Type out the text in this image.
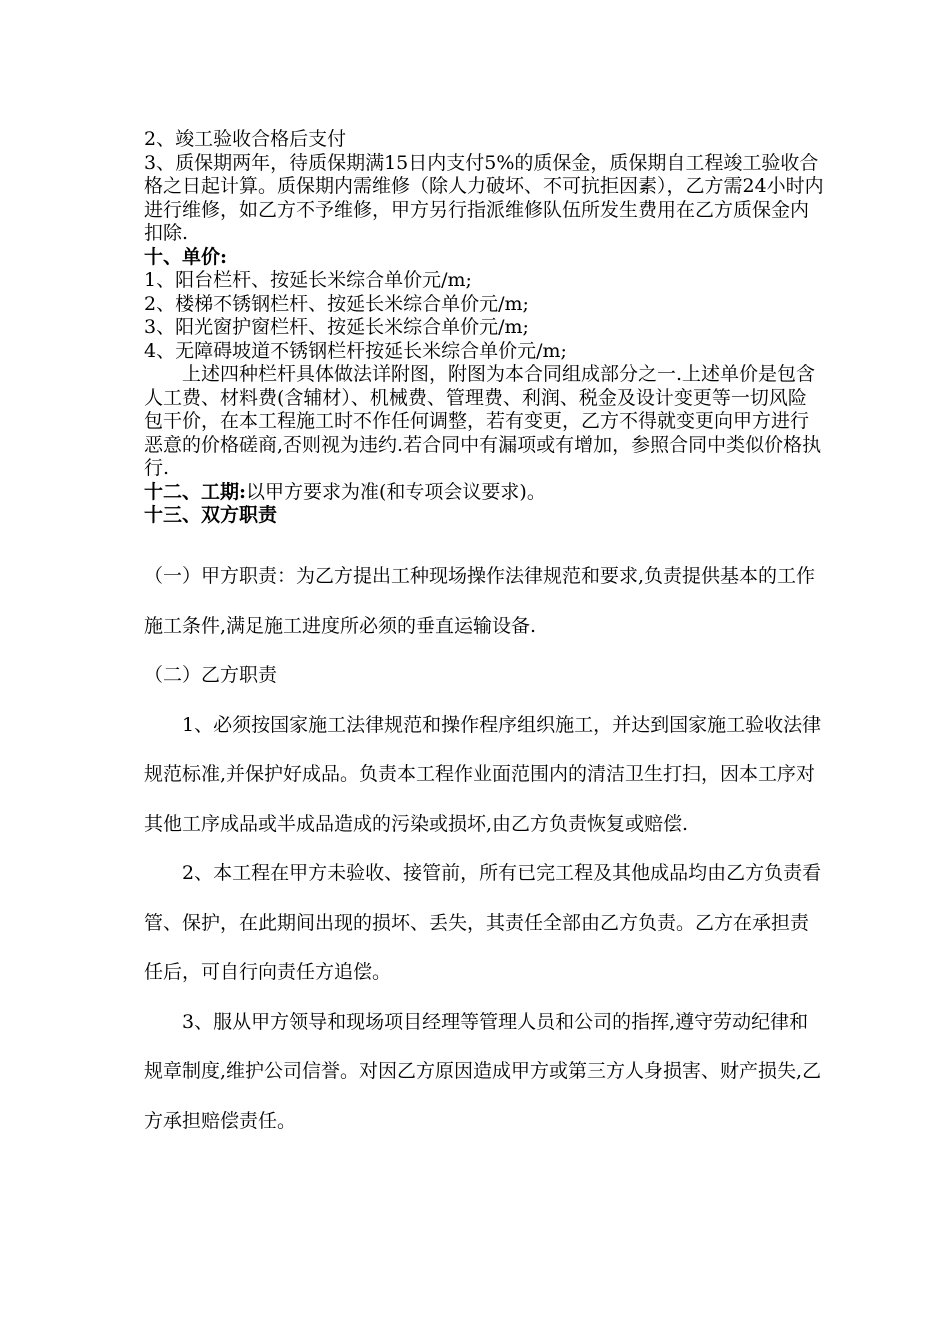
2、竣工验收合格后支付

3、质保期两年，待质保期满15日内支付5%的质保金，质保期自工程竣工验收合格之日起计算。质保期内需维修（除人力破坏、不可抗拒因素），乙方需24小时内进行维修，如乙方不予维修，甲方另行指派维修队伍所发生费用在乙方质保金内扣除.

十、单价:

1、阳台栏杆、按延长米综合单价元/m;

2、楼梯不锈钢栏杆、按延长米综合单价元/m;

3、阳光窗护窗栏杆、按延长米综合单价元/m;

4、无障碍坡道不锈钢栏杆按延长米综合单价元/m;

上述四种栏杆具体做法详附图，附图为本合同组成部分之一.上述单价是包含人工费、材料费(含辅材）、机械费、管理费、利润、税金及设计变更等一切风险包干价，在本工程施工时不作任何调整，若有变更，乙方不得就变更向甲方进行恶意的价格磋商,否则视为违约.若合同中有漏项或有增加，参照合同中类似价格执行.

十二、工期:以甲方要求为准(和专项会议要求)。

十三、双方职责

（一）甲方职责：为乙方提出工种现场操作法律规范和要求,负责提供基本的工作施工条件,满足施工进度所必须的垂直运输设备.

（二）乙方职责

1、必须按国家施工法律规范和操作程序组织施工，并达到国家施工验收法律规范标准,并保护好成品。负责本工程作业面范围内的清洁卫生打扫，因本工序对其他工序成品或半成品造成的污染或损坏,由乙方负责恢复或赔偿.

2、本工程在甲方未验收、接管前，所有已完工程及其他成品均由乙方负责看管、保护，在此期间出现的损坏、丢失，其责任全部由乙方负责。乙方在承担责任后，可自行向责任方追偿。

3、服从甲方领导和现场项目经理等管理人员和公司的指挥,遵守劳动纪律和规章制度,维护公司信誉。对因乙方原因造成甲方或第三方人身损害、财产损失,乙方承担赔偿责任。
